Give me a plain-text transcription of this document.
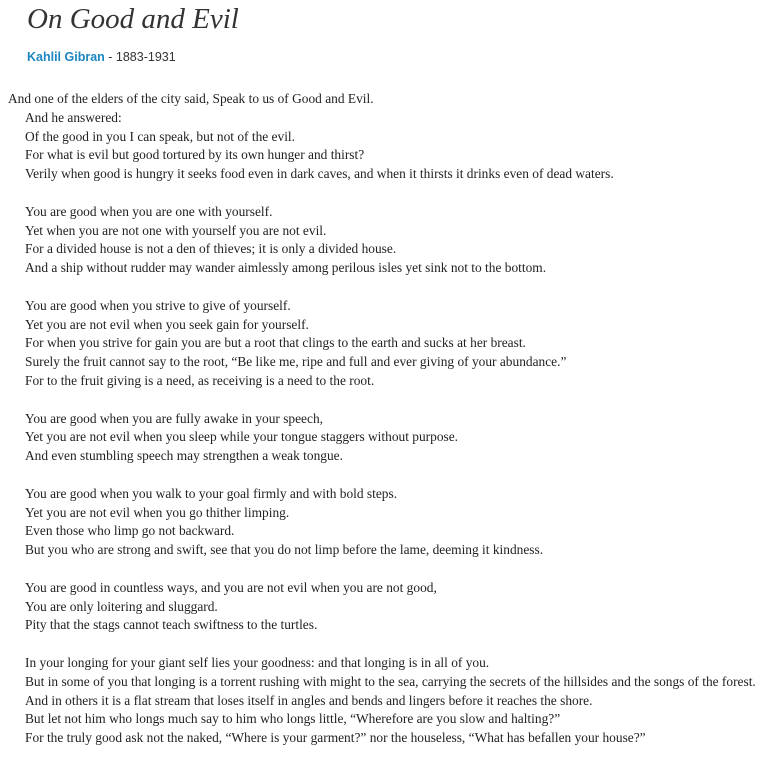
On Good and Evil
Kahlil Gibran - 1883-1931

And one of the elders of the city said, Speak to us of Good and Evil.

And he answered:

Of the good in you I can speak, but not of the evil.

For what is evil but good tortured by its own hunger and thirst?

Verily when good is hungry it seeks food even in dark caves, and when it thirsts it drinks even of dead waters.

You are good when you are one with yourself.

Yet when you are not one with yourself you are not evil.

For a divided house is not a den of thieves; it is only a divided house.

And a ship without rudder may wander aimlessly among perilous isles yet sink not to the bottom.

You are good when you strive to give of yourself.

Yet you are not evil when you seek gain for yourself.

For when you strive for gain you are but a root that clings to the earth and sucks at her breast.

Surely the fruit cannot say to the root, “Be like me, ripe and full and ever giving of your abundance.”

For to the fruit giving is a need, as receiving is a need to the root.

You are good when you are fully awake in your speech,

Yet you are not evil when you sleep while your tongue staggers without purpose.

And even stumbling speech may strengthen a weak tongue.

You are good when you walk to your goal firmly and with bold steps.

Yet you are not evil when you go thither limping.

Even those who limp go not backward.

But you who are strong and swift, see that you do not limp before the lame, deeming it kindness.

You are good in countless ways, and you are not evil when you are not good,

You are only loitering and sluggard.

Pity that the stags cannot teach swiftness to the turtles.

In your longing for your giant self lies your goodness: and that longing is in all of you.

But in some of you that longing is a torrent rushing with might to the sea, carrying the secrets of the hillsides and the songs of the forest.

And in others it is a flat stream that loses itself in angles and bends and lingers before it reaches the shore.

But let not him who longs much say to him who longs little, “Wherefore are you slow and halting?”

For the truly good ask not the naked, “Where is your garment?” nor the houseless, “What has befallen your house?”
